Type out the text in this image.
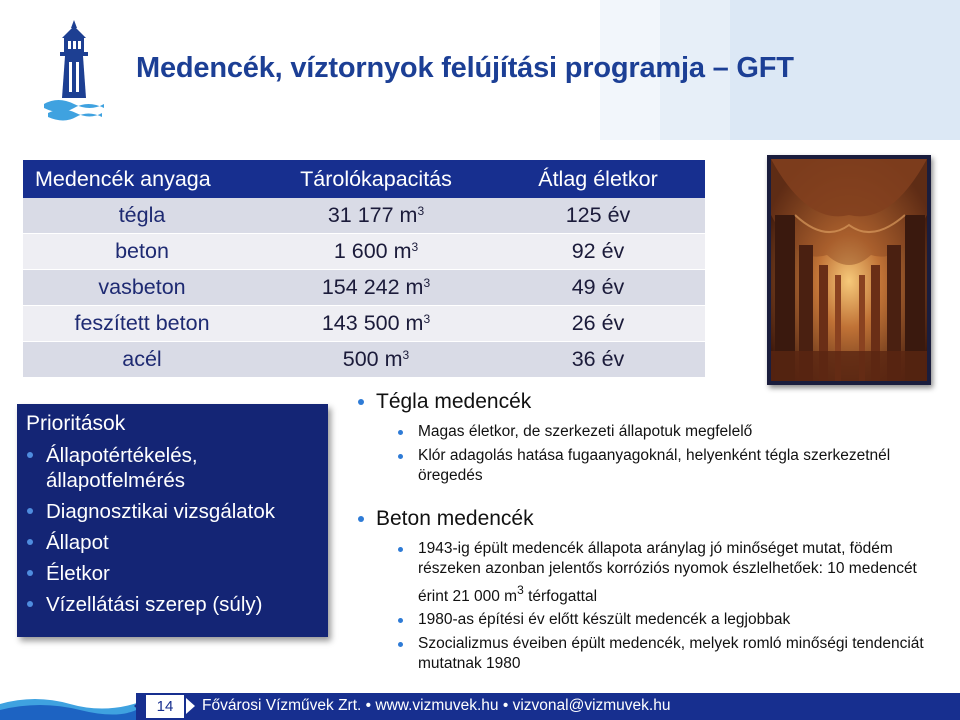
Medencék, víztornyok felújítási programja – GFT
Medencék anyaga	Tárolókapacitás	Átlag életkor
tégla	31 177 $m^3$	125 év
beton	1 600 $m^3$	92 év
vasbeton	154 242 $m^3$	49 év
feszített beton	143 500 $m^3$	26 év
acél	500 $m^3$	36 év
Prioritások
Állapotértékelés, állapotfelmérés
Diagnosztikai vizsgálatok
Állapot
Életkor
Vízellátási szerep (súly)
Tégla medencék
Magas életkor, de szerkezeti állapotuk megfelelő
Klór adagolás hatása fugaanyagoknál, helyenként tégla szerkezetnél öregedés
Beton medencék
1943-ig épült medencék állapota aránylag jó minőséget mutat, födém részeken azonban jelentős korróziós nyomok észlelhetőek: 10 medencét érint 21 000 $m^3$ térfogattal
1980-as építési év előtt készült medencék a legjobbak
Szocializmus éveiben épült medencék, melyek romló minőségi tendenciát mutatnak 1980
14	Fővárosi Vízművek Zrt. • www.vizmuvek.hu • vizvonal@vizmuvek.hu
